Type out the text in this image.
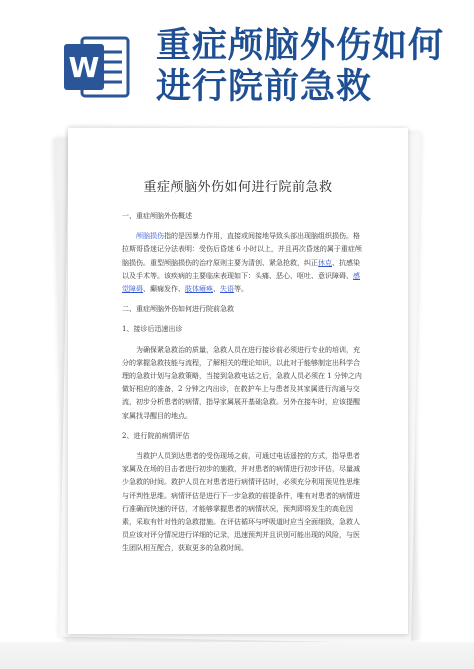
W
重症颅脑外伤如何
进行院前急救
重症颅脑外伤如何进行院前急救

一、重症颅脑外伤概述

颅脑损伤指的是因暴力作用，直接或间接地导致头部出现脑组织损伤。格拉斯哥昏迷记分法表明：受伤后昏迷 6 小时以上，并且再次昏迷的属于重症颅脑损伤。重型颅脑损伤的治疗原则主要为清创、紧急抢救，纠正休克、抗感染以及手术等。该疾病的主要临床表现如下：头痛、恶心、呕吐、意识障碍、感觉障碍、癫痫发作、肢体瘫痪、失语等。

二、重症颅脑外伤如何进行院前急救

1、接诊后迅速出诊

为确保紧急救治的质量，急救人员在进行接诊前必须进行专业的培训，充分的掌握急救技能与流程，了解相关的理论知识，以此对于能够制定出科学合理的急救计划与急救策略，当接到急救电话之后，急救人员必须在 1 分钟之内做好相应的准备，2 分钟之内出诊，在救护车上与患者及其家属进行沟通与交流，初步分析患者的病情，指导家属展开基础急救。另外在接车时，应该提醒家属找寻醒目的地点。

2、进行院前病情评估

当救护人员到达患者的受伤现场之前，可通过电话遥控的方式，指导患者家属及在场的目击者进行初步的施救，并对患者的病情进行初步评估，尽量减少急救的时间。救护人员在对患者进行病情评估时，必须充分利用预见性思维与评判性思维。病情评估是进行下一步急救的前提条件，唯有对患者的病情进行准确而快速的评估，才能够掌握患者的病情状况，预判即将发生的高危因素，采取有针对性的急救措施。在评估循环与呼吸道时应当全面细致，急救人员应该对评分情况进行详细的记录，迅速预判并且识别可能出现的风险，与医生团队相互配合，获取更多的急救时间。
